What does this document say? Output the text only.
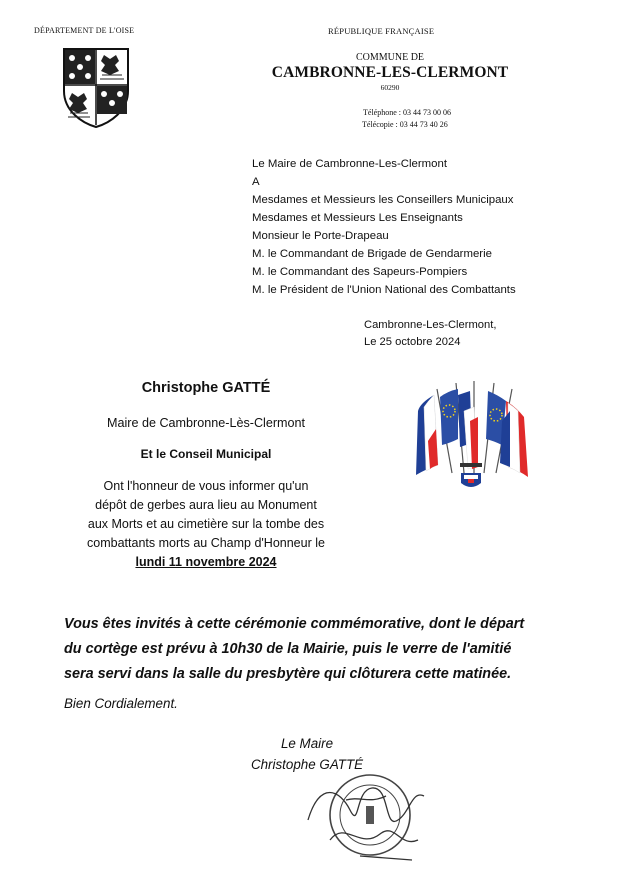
DÉPARTEMENT DE L'OISE	RÉPUBLIQUE FRANÇAISE
COMMUNE DE
CAMBRONNE-LES-CLERMONT
60290
Téléphone : 03 44 73 00 06
Télécopie : 03 44 73 40 26
Le Maire de Cambronne-Les-Clermont
A
Mesdames et Messieurs les Conseillers Municipaux
Mesdames et Messieurs Les Enseignants
Monsieur le Porte-Drapeau
M. le Commandant de Brigade de Gendarmerie
M. le Commandant des Sapeurs-Pompiers
M. le Président de l'Union National des Combattants
Cambronne-Les-Clermont,
Le 25 octobre 2024
Christophe GATTÉ
Maire de Cambronne-Lès-Clermont
Et le Conseil Municipal
Ont l'honneur de vous informer qu'un
dépôt de gerbes aura lieu au Monument
aux Morts et au cimetière sur la tombe des
combattants morts au Champ d'Honneur le
lundi 11 novembre 2024
Vous êtes invités à cette cérémonie commémorative, dont le départ
du cortège est prévu à 10h30 de la Mairie, puis le verre de l'amitié
sera servi dans la salle du presbytère qui clôturera cette matinée.
Bien Cordialement.
Le Maire
Christophe GATTÉ
